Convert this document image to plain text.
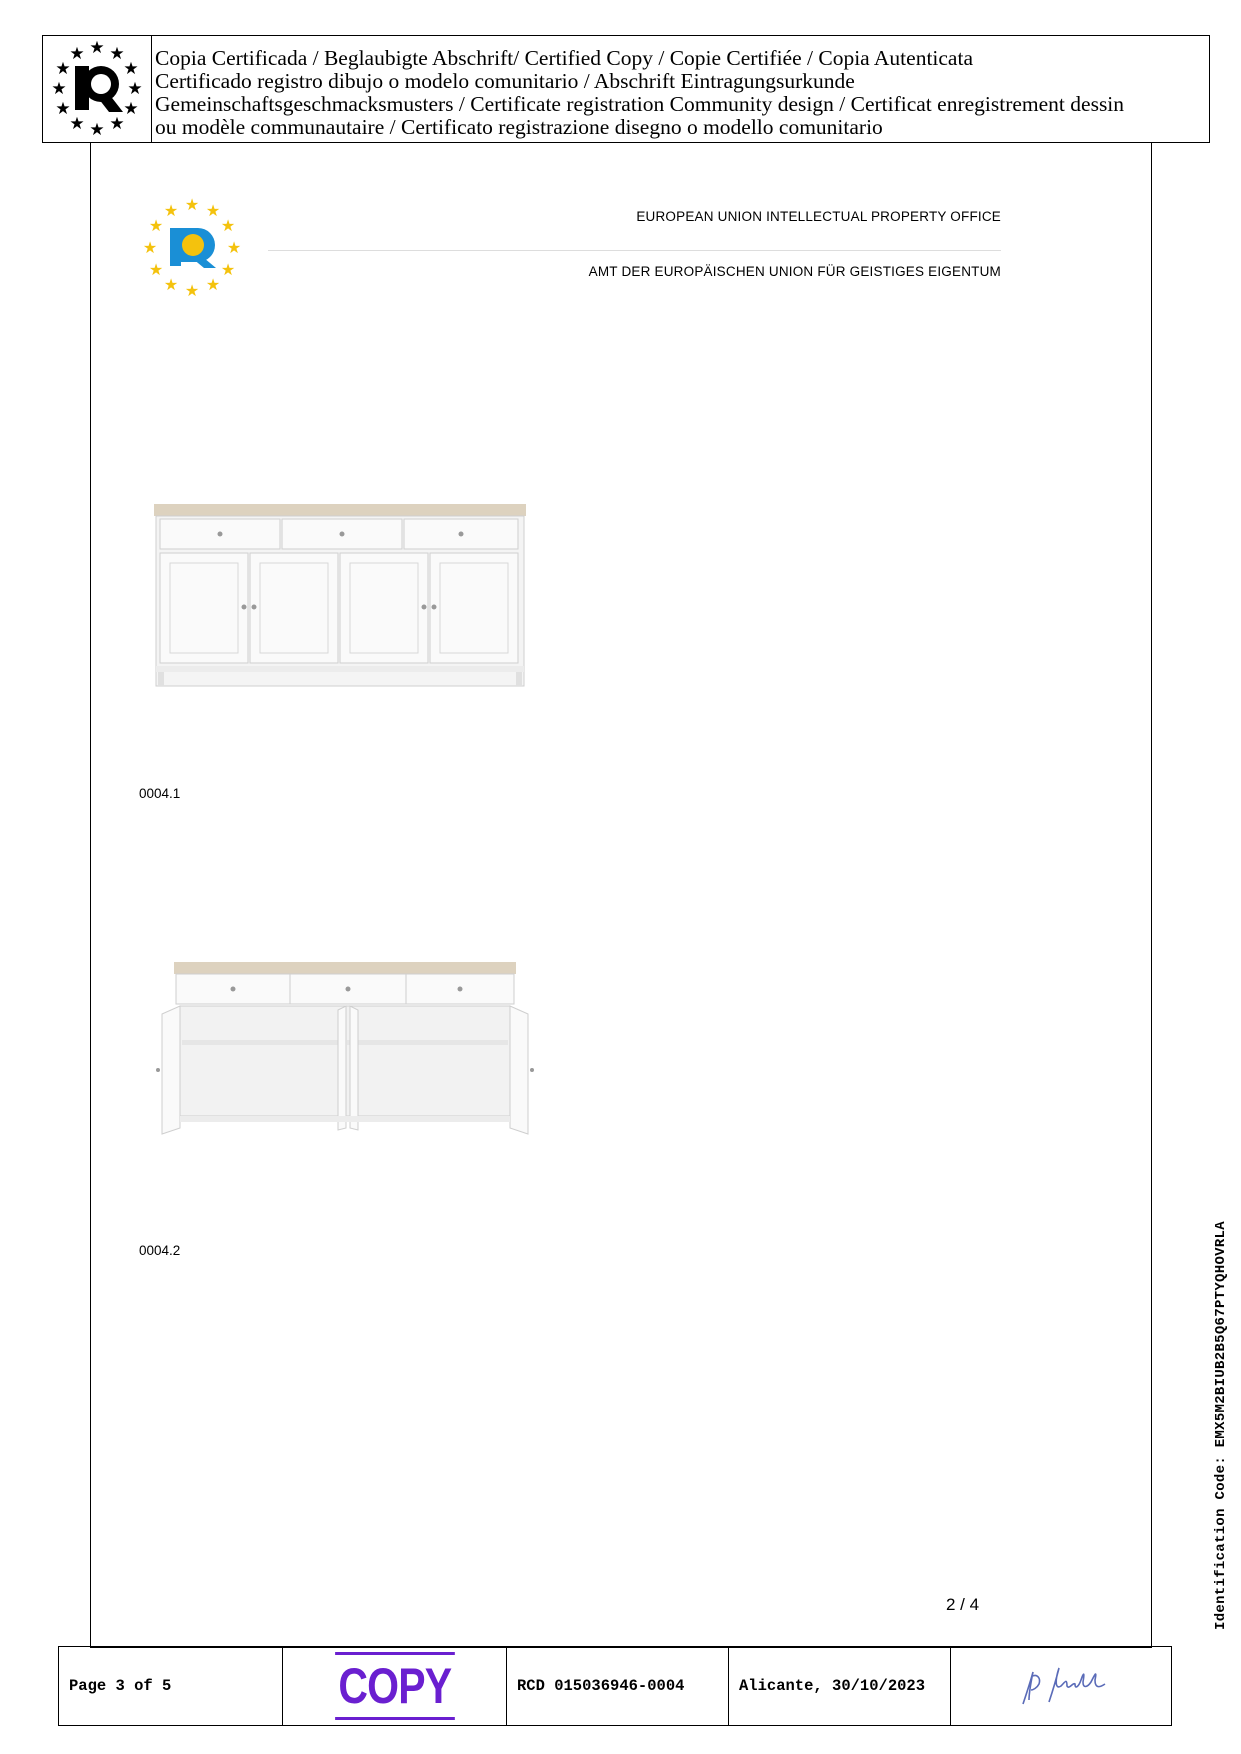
★ ★
★
★
★
★
★
★
★
★
★
★	Copia Certificada / Beglaubigte Abschrift/ Certified Copy / Copie Certifiée / Copia Autenticata
Certificado registro dibujo o modelo comunitario / Abschrift Eintragungsurkunde
Gemeinschaftsgeschmacksmusters / Certificate registration Community design / Certificat enregistrement dessin
ou modèle communautaire / Certificato registrazione disegno o modello comunitario
★ ★
★
★
★
★
★
★
★
★
★
★	EUROPEAN UNION INTELLECTUAL PROPERTY OFFICE
AMT DER EUROPÄISCHEN UNION FÜR GEISTIGES EIGENTUM
0004.1
0004.2
2 / 4	Identification Code: EMX5M2BIUB2B5Q67PTYQHOVRLA
Page 3 of 5	COPY	RCD 015036946-0004	Alicante, 30/10/2023
